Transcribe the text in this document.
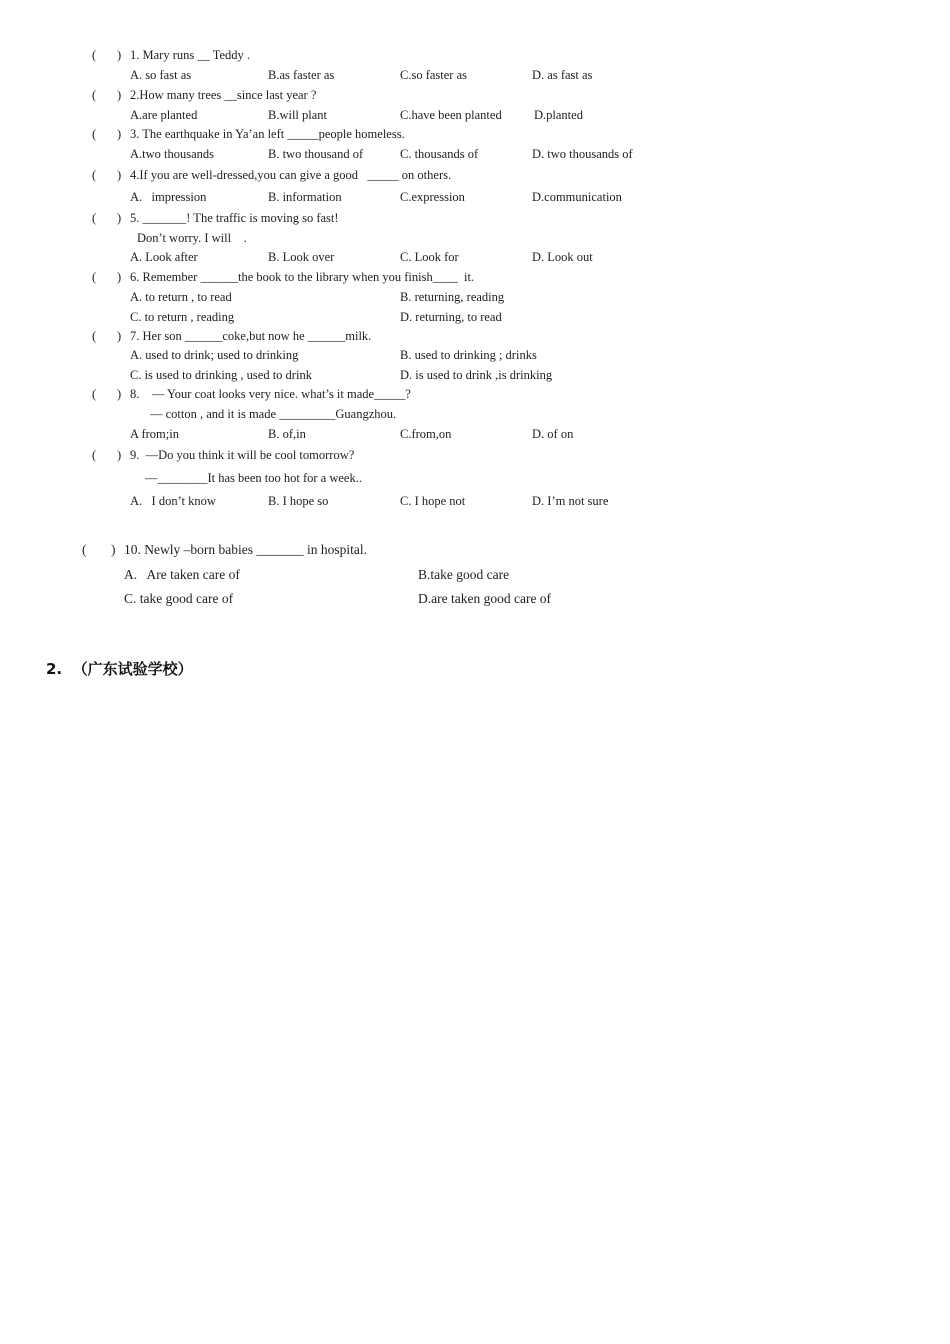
( ) 1. Mary runs __ Teddy .
A. so fast as	B.as faster as	C.so faster as	D. as fast as
( ) 2.How many trees __since last year ?
A.are planted	B.will plant	C.have been planted	D.planted
( ) 3. The earthquake in Ya’an left _____people homeless.
A.two thousands	B. two thousand of	C. thousands of	D. two thousands of
( ) 4.If you are well-dressed,you can give a good   _____ on others.
A.   impression	B. information	C.expression	D.communication
( ) 5. _______! The traffic is moving so fast!
Don’t worry. I will    .
A. Look after	B. Look over	C. Look for	D. Look out
( ) 6. Remember ______the book to the library when you finish____  it.
A. to return , to read	B. returning, reading
C. to return , reading	D. returning, to read
( ) 7. Her son ______coke,but now he ______milk.
A. used to drink; used to drinking	B. used to drinking ; drinks
C. is used to drinking , used to drink	D. is used to drink ,is drinking
( ) 8.    — Your coat looks very nice. what’s it made_____?
— cotton , and it is made _________Guangzhou.
A from;in	B. of,in	C.from,on	D. of on
( ) 9.  —Do you think it will be cool tomorrow?
—________It has been too hot for a week..
A.   I don’t know	B. I hope so	C. I hope not	D. I’m not sure
( ) 10. Newly –born babies _______ in hospital.
A.   Are taken care of	B.take good care
C. take good care of	D.are taken good care of
2.  （广东试验学校）
